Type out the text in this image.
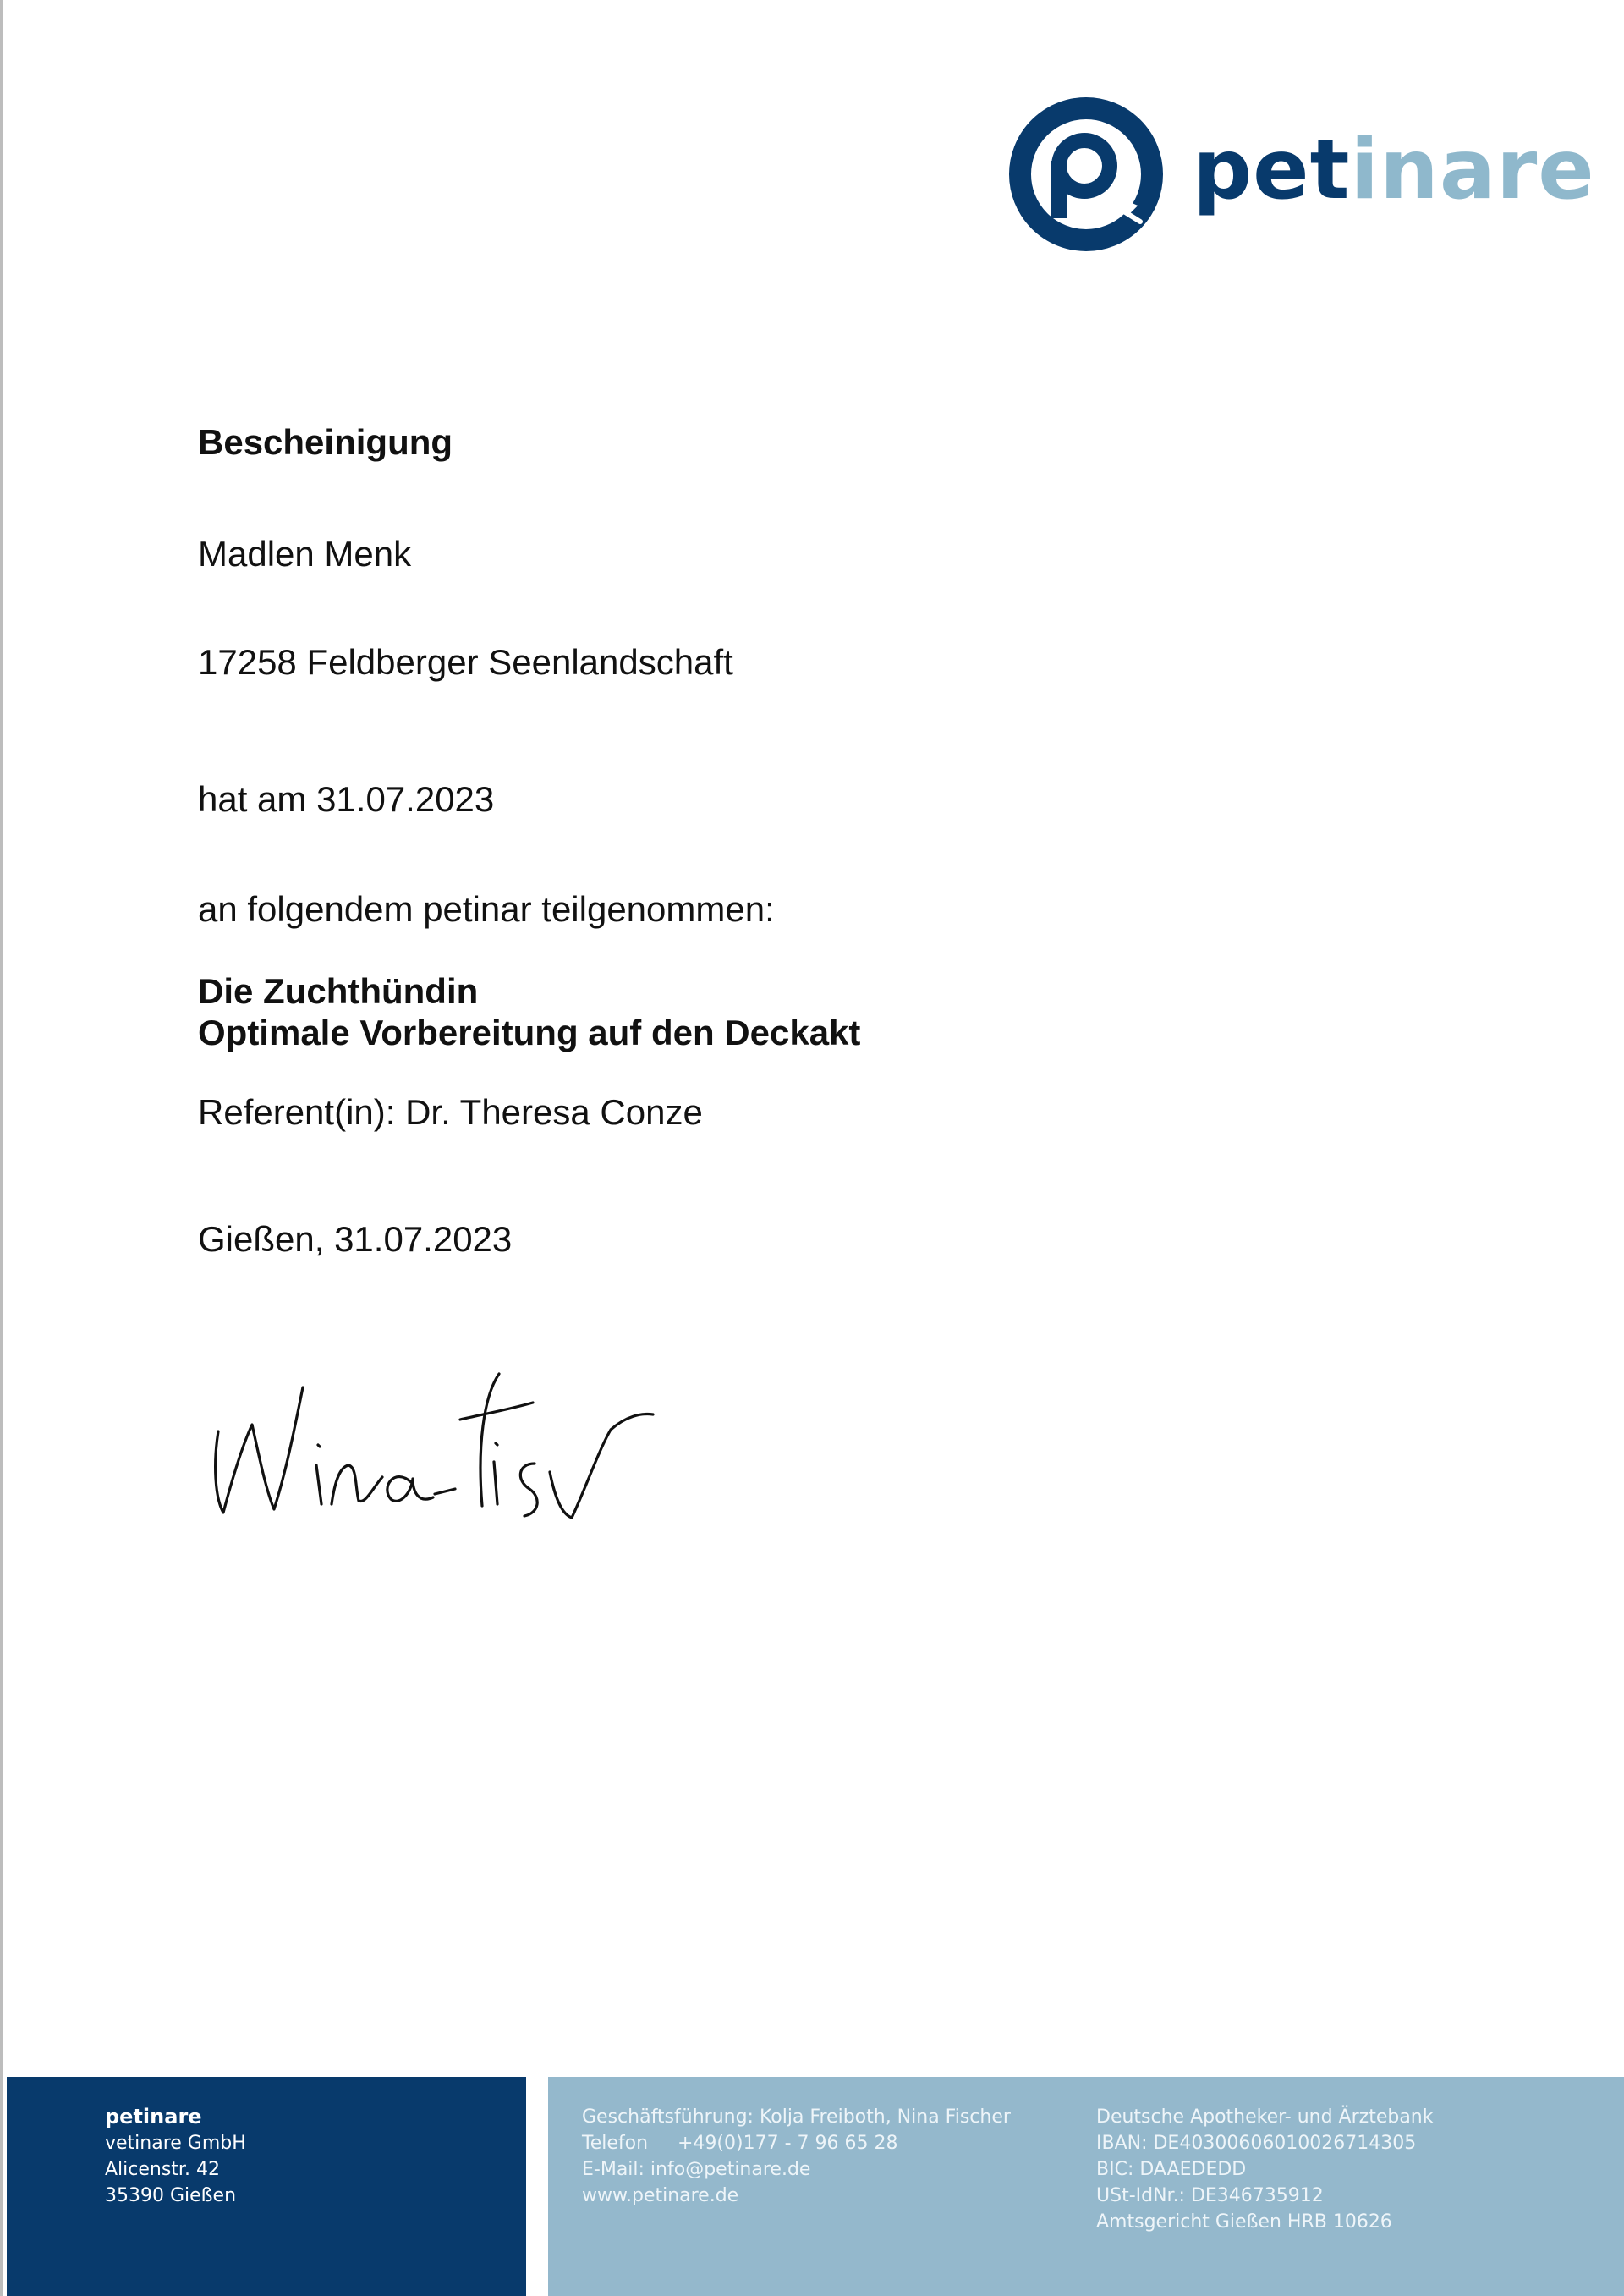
petinare
Bescheinigung
Madlen Menk
17258 Feldberger Seenlandschaft
hat am 31.07.2023
an folgendem petinar teilgenommen:
Die Zuchthündin
Optimale Vorbereitung auf den Deckakt
Referent(in): Dr. Theresa Conze
Gießen, 31.07.2023
petinare
vetinare GmbH
Alicenstr. 42
35390 Gießen
Geschäftsführung: Kolja Freiboth, Nina Fischer
Telefon     +49(0)177 - 7 96 65 28
E-Mail: info@petinare.de
www.petinare.de
Deutsche Apotheker- und Ärztebank
IBAN: DE40300606010026714305
BIC: DAAEDEDD
USt-IdNr.: DE346735912
Amtsgericht Gießen HRB 10626
